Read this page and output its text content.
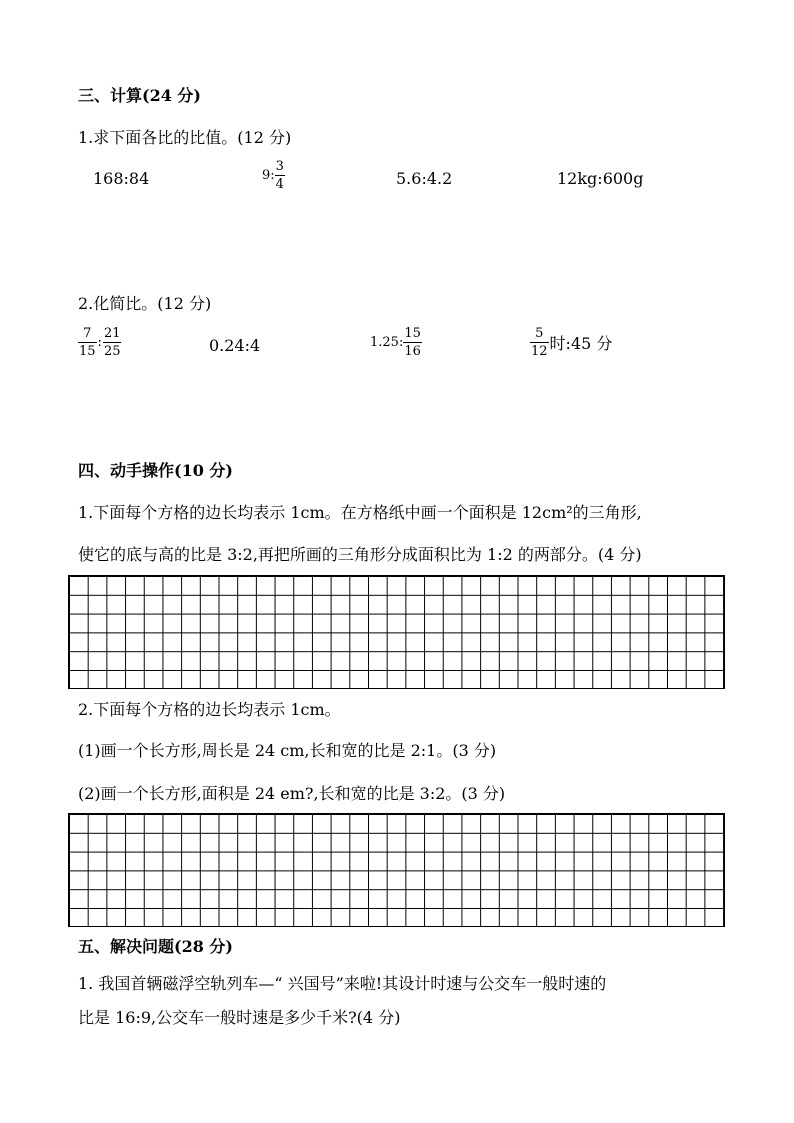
三、计算(24 分)
1.求下面各比的比值。(12 分)
168:84	9:
3
4	5.6:4.2	12kg:600g
2.化简比。(12 分)
7
15
:
21
25	0.24:4	1.25:
15
16
5
12 时:45 分
四、动手操作(10 分)
1.下面每个方格的边长均表示 1cm。在方格纸中画一个面积是 12cm²的三角形,
使它的底与高的比是 3:2,再把所画的三角形分成面积比为 1:2 的两部分。(4 分)
2.下面每个方格的边长均表示 1cm。
(1)画一个长方形,周长是 24 cm,长和宽的比是 2:1。(3 分)
(2)画一个长方形,面积是 24 em?,长和宽的比是 3:2。(3 分)
五、解决问题(28 分)
1. 我国首辆磁浮空轨列车—“ 兴国号”来啦!其设计时速与公交车一般时速的
比是 16:9,公交车一般时速是多少千米?(4 分)
